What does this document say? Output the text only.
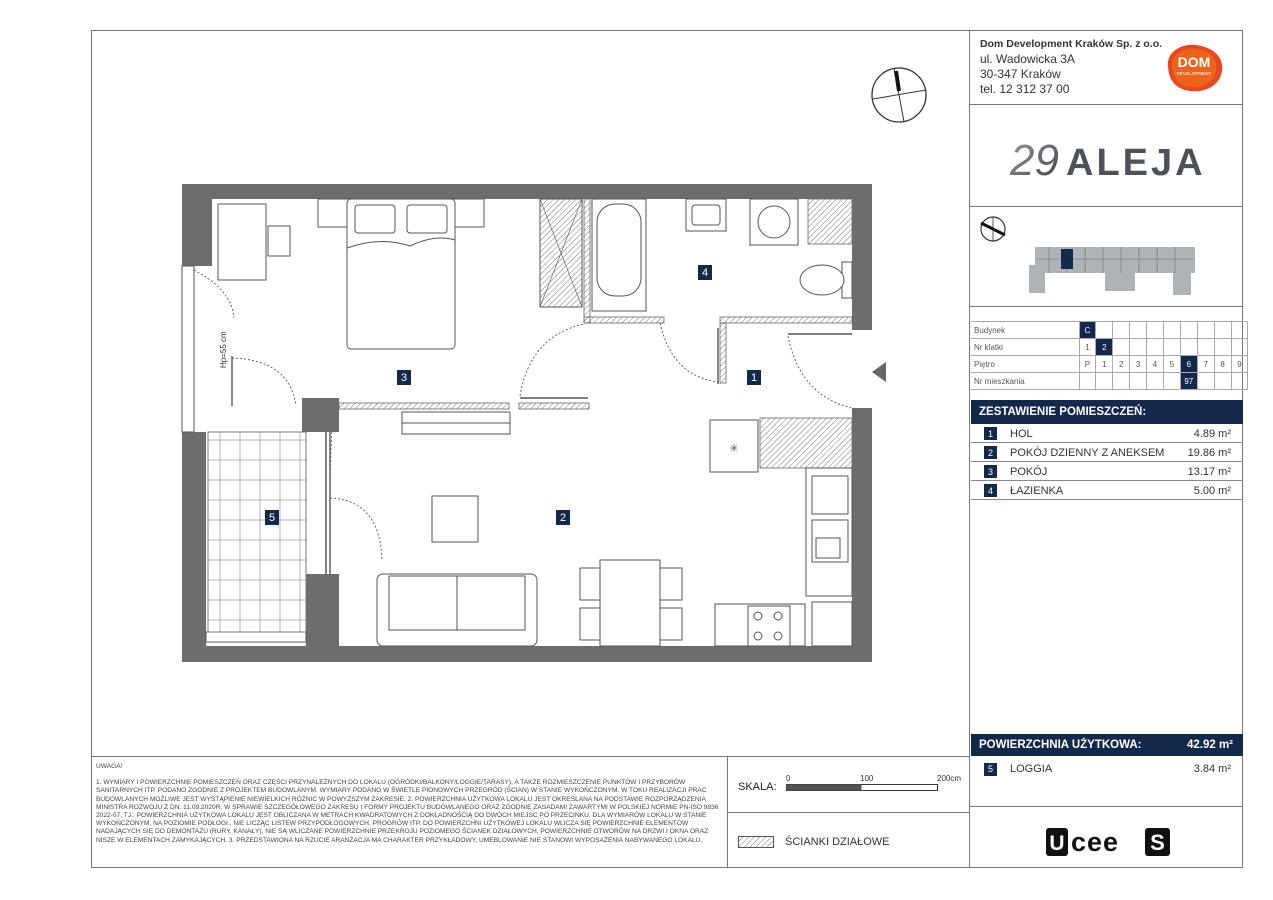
Dom Development Kraków Sp. z o.o.
ul. Wadowicka 3A
30-347 Kraków
tel. 12 312 37 00
DOM
DEVELOPMENT
29 ALEJA
Budynek	C									
Nr klatki	1	2								
Piętro	P	1	2	3	4	5	6	7	8	9
Nr mieszkania							97			
ZESTAWIENIE POMIESZCZEŃ:
1	HOL	4.89 m²
2	POKÓJ DZIENNY Z ANEKSEM	19.86 m²
3	POKÓJ	13.17 m²
4	ŁAZIENKA	5.00 m²
POWIERZCHNIA UŻYTKOWA:	42.92 m²
5	LOGGIA	3.84 m²
UWAGA!
1. WYMIARY I POWIERZCHNIE POMIESZCZEŃ ORAZ CZĘŚCI PRZYNALEŻNYCH DO LOKALU (OGRÓDKI/BALKONY/LOGGIE/TARASY), A TAKŻE ROZMIESZCZENIE PUNKTÓW I PRZYBORÓW SANITARNYCH ITP. PODANO ZGODNIE Z PROJEKTEM BUDOWLANYM. WYMIARY PODANO W ŚWIETLE PIONOWYCH PRZEGRÓD (ŚCIAN) W STANIE WYKOŃCZONYM. W TOKU REALIZACJI PRAC BUDOWLANYCH MOŻLIWE JEST WYSTĄPIENIE NIEWIELKICH RÓŻNIC W POWYŻSZYM ZAKRESIE. 2. POWIERZCHNIA UŻYTKOWA LOKALU JEST OKREŚLANA NA PODSTAWIE ROZPORZĄDZENIA MINISTRA ROZWOJU Z DN. 11.09.2020R. W SPRAWIE SZCZEGÓŁOWEGO ZAKRESU I FORMY PROJEKTU BUDOWLANEGO ORAZ ZGODNIE ZASADAMI ZAWARTYMI W POLSKIEJ NORMIE PN-ISO 9836 2022-07, TJ.: POWIERZCHNIA UŻYTKOWA LOKALU JEST OBLICZANA W METRACH KWADRATOWYCH Z DOKŁADNOŚCIĄ DO DWÓCH MIEJSC PO PRZECINKU, DLA WYMIARÓW LOKALU W STANIE WYKOŃCZONYM, NA POZIOMIE PODŁOGI., NIE LICZĄC LISTEW PRZYPODŁOGOWYCH, PROGRÓW ITP. DO POWIERZCHNI UŻYTKOWEJ LOKALU WLICZA SIĘ POWIERZCHNIE ELEMENTÓW NADAJĄCYCH SIĘ DO DEMONTAŻU (RURY, KANAŁY), NIE SĄ WLICZANE POWIERZCHNIE PRZEKROJU POZIOMEGO ŚCIANEK DZIAŁOWYCH, POWIERZCHNIE OTWORÓW NA DRZWI I OKNA ORAZ NISZE W ELEMENTACH ZAMYKAJĄCYCH. 3. PRZEDSTAWIONA NA RZUCIE ARANŻACJA MA CHARAKTER PRZYKŁADOWY, UMEBLOWANIE NIE STANOWI WYPOSAŻENIA NABYWANEGO LOKALU.
SKALA:
0	100	200cm
ŚCIANKI DZIAŁOWE	U cee S
✳
Hp=55 cm
4
3	1
2
5
